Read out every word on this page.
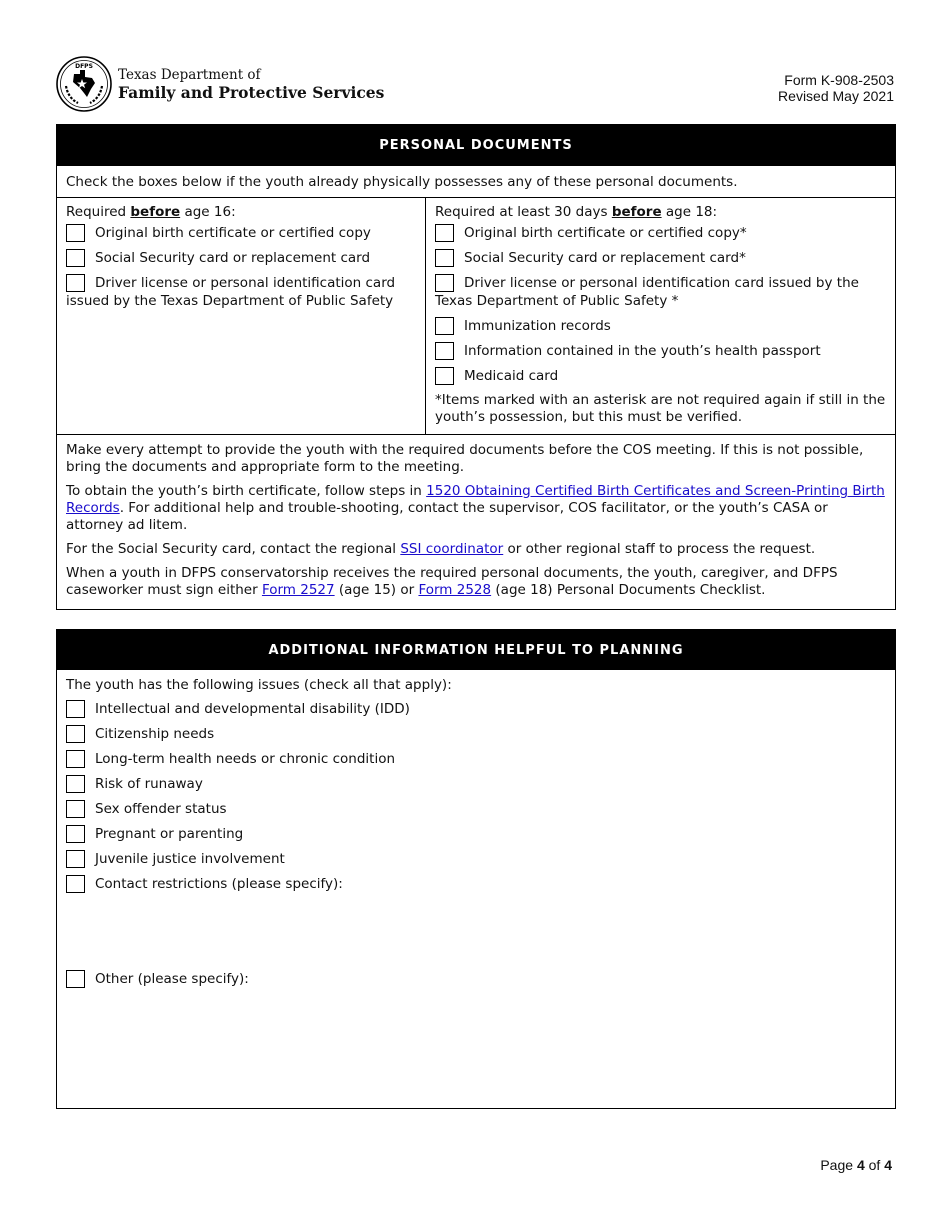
DFPS
Texas Department of
Family and Protective Services
Form K-908-2503
Revised May 2021
PERSONAL DOCUMENTS
Check the boxes below if the youth already physically possesses any of these personal documents.
Required before age 16:
Original birth certificate or certified copy
Social Security card or replacement card
Driver license or personal identification card issued by the Texas Department of Public Safety
Required at least 30 days before age 18:
Original birth certificate or certified copy*
Social Security card or replacement card*
Driver license or personal identification card issued by the Texas Department of Public Safety *
Immunization records
Information contained in the youth’s health passport
Medicaid card
*Items marked with an asterisk are not required again if still in the youth’s possession, but this must be verified.

Make every attempt to provide the youth with the required documents before the COS meeting. If this is not possible, bring the documents and appropriate form to the meeting.

To obtain the youth’s birth certificate, follow steps in 1520 Obtaining Certified Birth Certificates and Screen-Printing Birth Records. For additional help and trouble-shooting, contact the supervisor, COS facilitator, or the youth’s CASA or attorney ad litem.

For the Social Security card, contact the regional SSI coordinator or other regional staff to process the request.

When a youth in DFPS conservatorship receives the required personal documents, the youth, caregiver, and DFPS caseworker must sign either Form 2527 (age 15) or Form 2528 (age 18) Personal Documents Checklist.

ADDITIONAL INFORMATION HELPFUL TO PLANNING
The youth has the following issues (check all that apply):
Intellectual and developmental disability (IDD)
Citizenship needs
Long-term health needs or chronic condition
Risk of runaway
Sex offender status
Pregnant or parenting
Juvenile justice involvement
Contact restrictions (please specify):
Other (please specify):
Page 4 of 4
